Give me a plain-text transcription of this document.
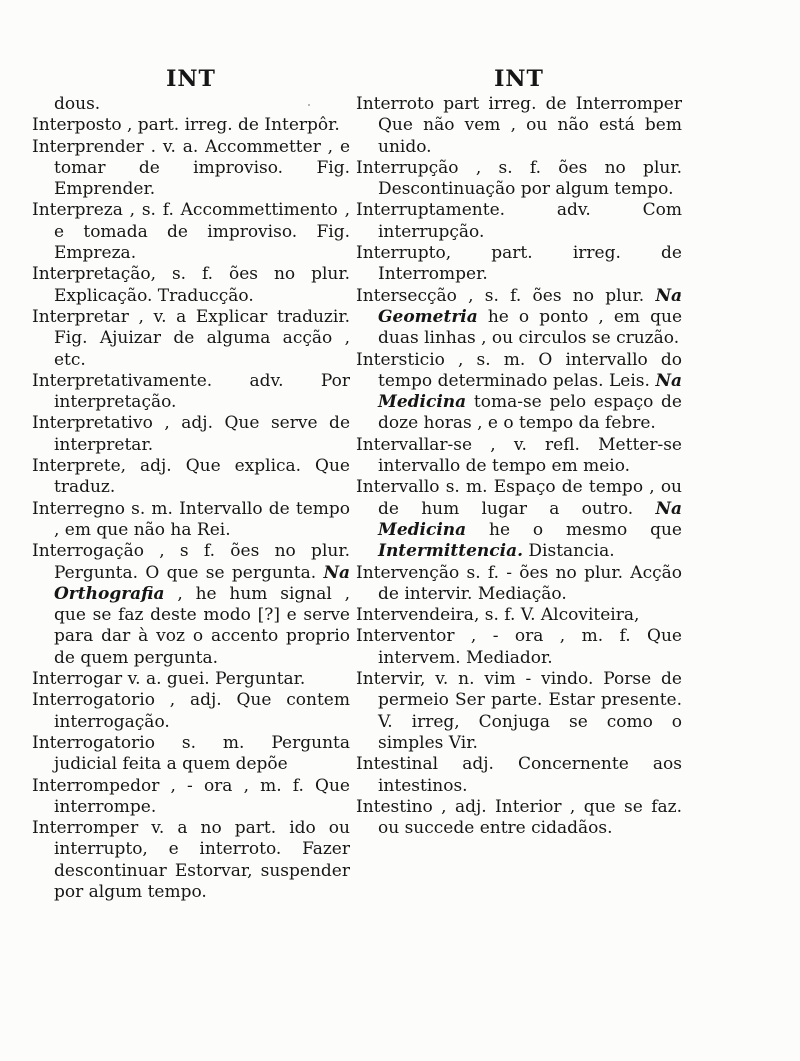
INT

dous.

Interposto , part. irreg. de Interpôr.

Interprender . v. a. Accommetter , e tomar de improviso. Fig. Emprender.

Interpreza , s. f. Accommettimento , e tomada de improviso. Fig. Empreza.

Interpretação, s. f. ões no plur. Explicação. Traducção.

Interpretar , v. a Explicar traduzir. Fig. Ajuizar de alguma acção , etc.

Interpretativamente. adv. Por interpretação.

Interpretativo , adj. Que serve de interpretar.

Interprete, adj. Que explica. Que traduz.

Interregno s. m. Intervallo de tempo , em que não ha Rei.

Interrogação , s f. ões no plur. Pergunta. O que se pergunta. Na Orthografia , he hum signal , que se faz deste modo [?] e serve para dar à voz o accento proprio de quem pergunta.

Interrogar v. a. guei. Perguntar.

Interrogatorio , adj. Que contem interrogação.

Interrogatorio s. m. Pergunta judicial feita a quem depõe

Interrompedor , - ora , m. f. Que interrompe.

Interromper v. a no part. ido ou interrupto, e interroto. Fazer descontinuar Estorvar, suspender por algum tempo.

INT

Interroto part irreg. de Interromper Que não vem , ou não está bem unido.

Interrupção , s. f. ões no plur. Descontinuação por algum tempo.

Interruptamente. adv. Com interrupção.

Interrupto, part. irreg. de Interromper.

Intersecção , s. f. ões no plur. Na Geometria he o ponto , em que duas linhas , ou circulos se cruzão.

Intersticio , s. m. O intervallo do tempo determinado pelas. Leis. Na Medicina toma-se pelo espaço de doze horas , e o tempo da febre.

Intervallar-se , v. refl. Metter-se intervallo de tempo em meio.

Intervallo s. m. Espaço de tempo , ou de hum lugar a outro. Na Medicina he o mesmo que Intermittencia. Distancia.

Intervenção s. f. - ões no plur. Acção de intervir. Mediação.

Intervendeira, s. f. V. Alcoviteira,

Interventor , - ora , m. f. Que intervem. Mediador.

Intervir, v. n. vim - vindo. Porse de permeio Ser parte. Estar presente. V. irreg, Conjuga se como o simples Vir.

Intestinal adj. Concernente aos intestinos.

Intestino , adj. Interior , que se faz. ou succede entre cidadãos.
